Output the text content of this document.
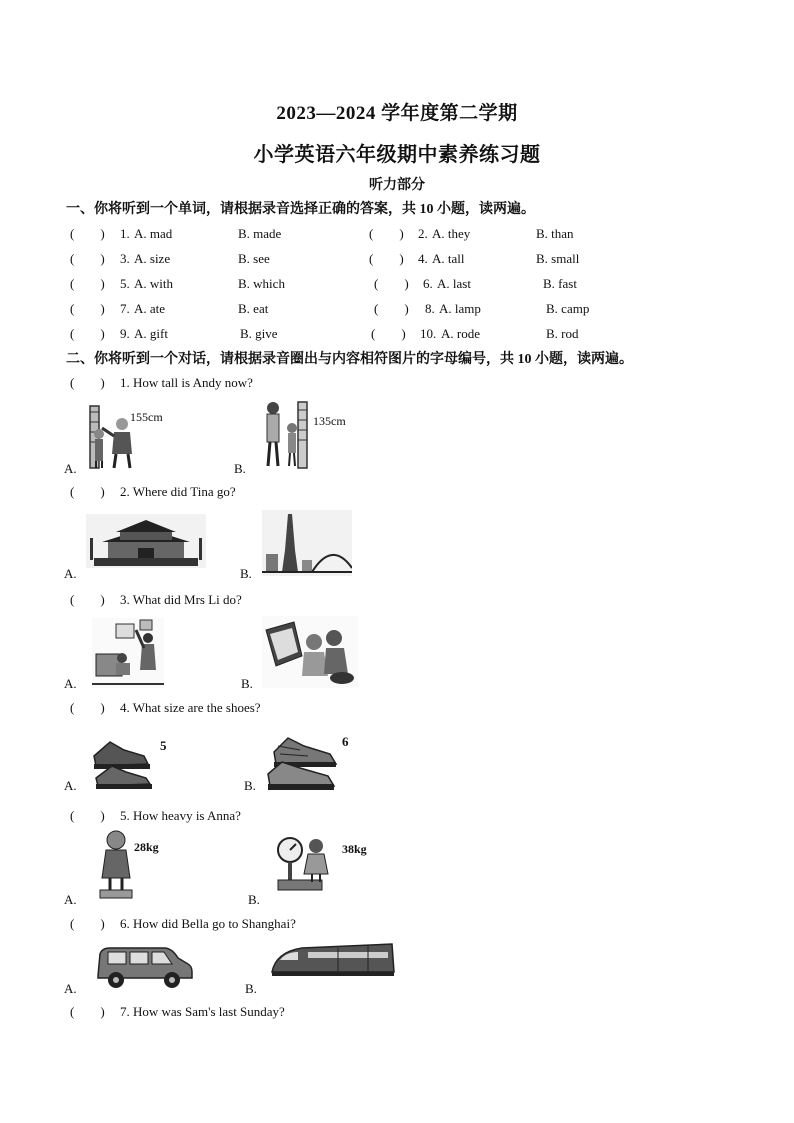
2023—2024 学年度第二学期
小学英语六年级期中素养练习题
听力部分
一、你将听到一个单词，请根据录音选择正确的答案，共 10 小题，读两遍。
(        ) 1. A. mad	B. made	(        ) 2. A. they	B. than
(        ) 3. A. size	B. see	(        ) 4. A. tall	B. small
(        ) 5. A. with	B. which	(        ) 6. A. last	B. fast
(        ) 7. A. ate	B. eat	(        ) 8. A. lamp	B. camp
(        ) 9. A. gift	B. give	(        ) 10. A. rode	B. rod
二、你将听到一个对话，请根据录音圈出与内容相符图片的字母编号，共 10 小题，读两遍。
(        ) 1. How tall is Andy now?
A.	B.
155cm	135cm
(        ) 2. Where did Tina go?
A.	B.
(        ) 3. What did Mrs Li do?
A.	B.
(        ) 4. What size are the shoes?
A.	B.
5	6
(        ) 5. How heavy is Anna?
A.	B.
28kg	38kg
(        ) 6. How did Bella go to Shanghai?
A.	B.
(        ) 7. How was Sam's last Sunday?
